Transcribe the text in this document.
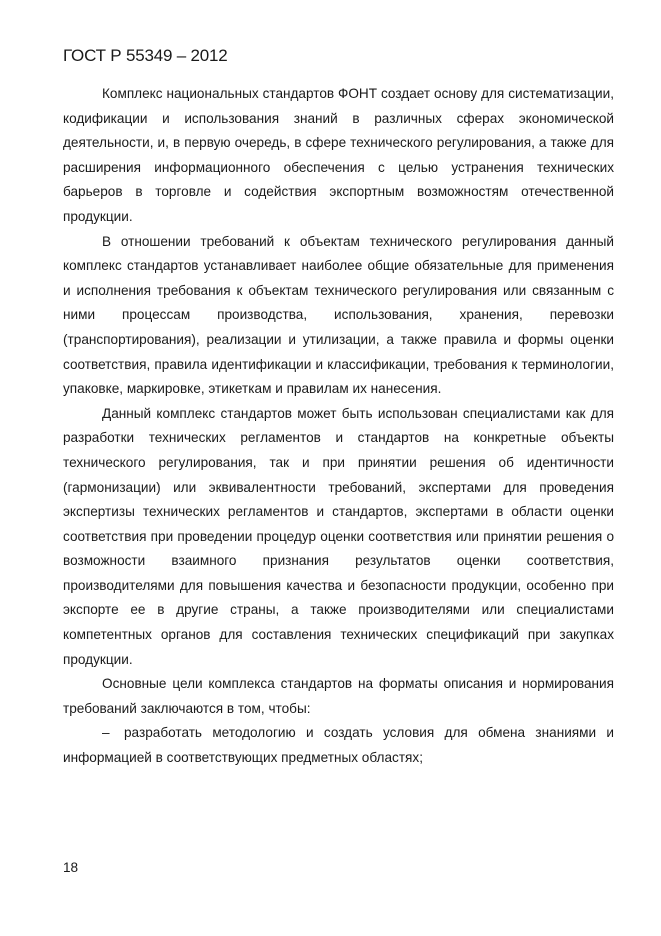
ГОСТ Р 55349 – 2012

Комплекс национальных стандартов ФОНТ создает основу для систематизации, кодификации и использования знаний в различных сферах экономической деятельности, и, в первую очередь, в сфере технического регулирования, а также для расширения информационного обеспечения с целью устранения технических барьеров в торговле и содействия экспортным возможностям отечественной продукции.

В отношении требований к объектам технического регулирования данный комплекс стандартов устанавливает наиболее общие обязательные для применения и исполнения требования к объектам технического регулирования или связанным с ними процессам производства, использования, хранения, перевозки (транспортирования), реализации и утилизации, а также правила и формы оценки соответствия, правила идентификации и классификации, требования к терминологии, упаковке, маркировке, этикеткам и правилам их нанесения.

Данный комплекс стандартов может быть использован специалистами как для разработки технических регламентов и стандартов на конкретные объекты технического регулирования, так и при принятии решения об идентичности (гармонизации) или эквивалентности требований, экспертами для проведения экспертизы технических регламентов и стандартов, экспертами в области оценки соответствия при проведении процедур оценки соответствия или принятии решения о возможности взаимного признания результатов оценки соответствия, производителями для повышения качества и безопасности продукции, особенно при экспорте ее в другие страны, а также производителями или специалистами компетентных органов для составления технических спецификаций при закупках продукции.

Основные цели комплекса стандартов на форматы описания и нормирования требований заключаются в том, чтобы:

– разработать методологию и создать условия для обмена знаниями и информацией в соответствующих предметных областях;

18
